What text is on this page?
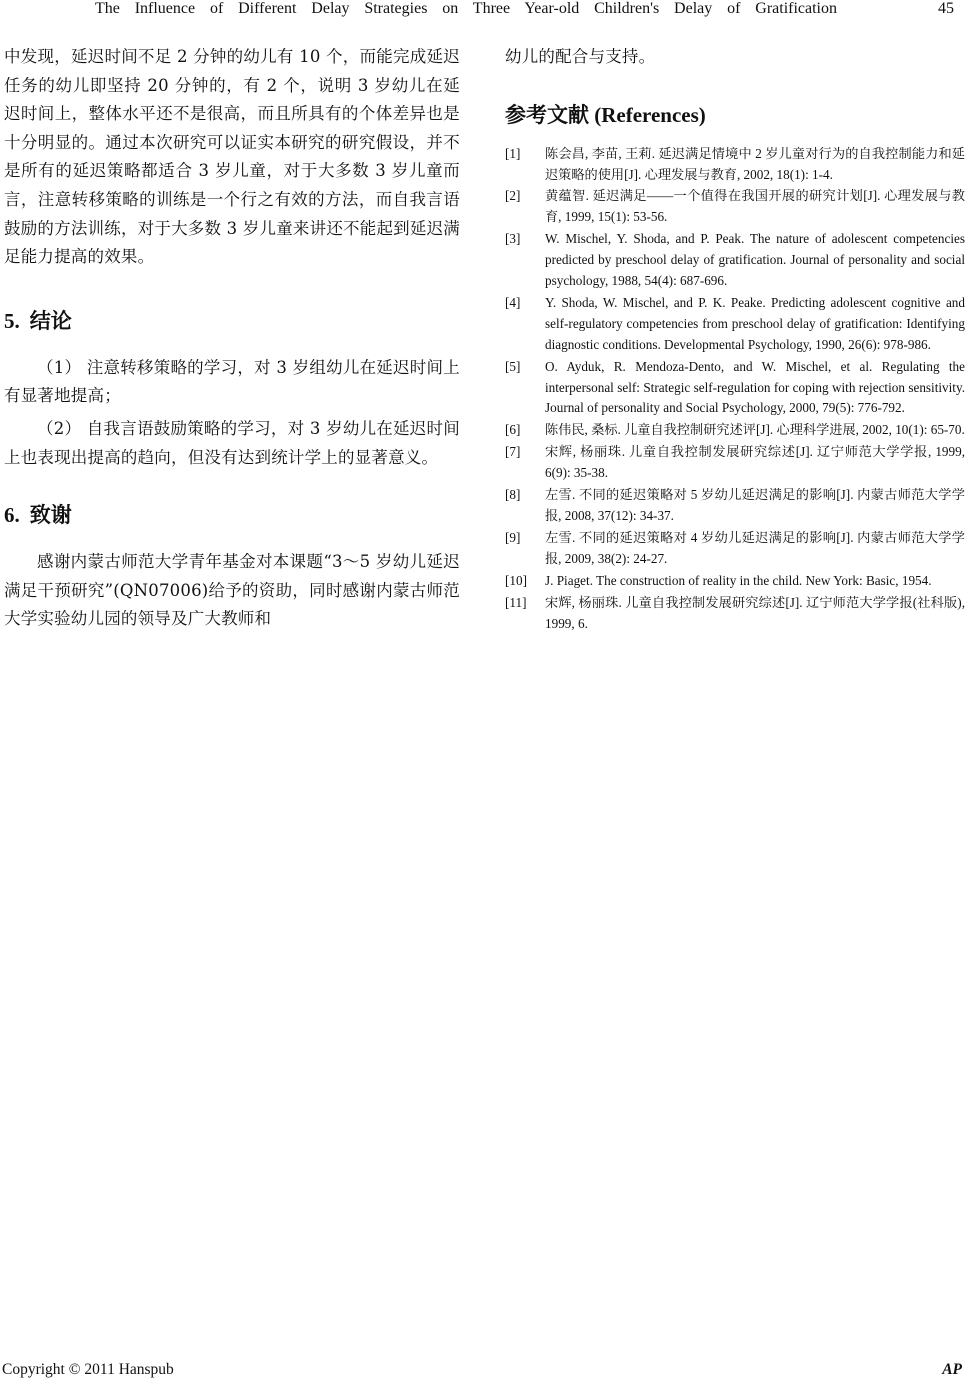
The Influence of Different Delay Strategies on Three Year-old Children's Delay of Gratification	45

中发现，延迟时间不足 2 分钟的幼儿有 10 个，而能完成延迟任务的幼儿即坚持 20 分钟的，有 2 个，说明 3 岁幼儿在延迟时间上，整体水平还不是很高，而且所具有的个体差异也是十分明显的。通过本次研究可以证实本研究的研究假设，并不是所有的延迟策略都适合 3 岁儿童，对于大多数 3 岁儿童而言，注意转移策略的训练是一个行之有效的方法，而自我言语鼓励的方法训练，对于大多数 3 岁儿童来讲还不能起到延迟满足能力提高的效果。

5. 结论

（1） 注意转移策略的学习，对 3 岁组幼儿在延迟时间上有显著地提高；

（2） 自我言语鼓励策略的学习，对 3 岁幼儿在延迟时间上也表现出提高的趋向，但没有达到统计学上的显著意义。

6. 致谢

感谢内蒙古师范大学青年基金对本课题“3～5 岁幼儿延迟满足干预研究”(QN07006)给予的资助，同时感谢内蒙古师范大学实验幼儿园的领导及广大教师和

幼儿的配合与支持。

参考文献 (References)
[1]	陈会昌, 李苗, 王莉. 延迟满足情境中 2 岁儿童对行为的自我控制能力和延迟策略的使用[J]. 心理发展与教育, 2002, 18(1): 1-4.
[2]	黄蕴智. 延迟满足——一个值得在我国开展的研究计划[J]. 心理发展与教育, 1999, 15(1): 53-56.
[3]	W. Mischel, Y. Shoda, and P. Peak. The nature of adolescent competencies predicted by preschool delay of gratification. Journal of personality and social psychology, 1988, 54(4): 687-696.
[4]	Y. Shoda, W. Mischel, and P. K. Peake. Predicting adolescent cognitive and self-regulatory competencies from preschool delay of gratification: Identifying diagnostic conditions. Developmental Psychology, 1990, 26(6): 978-986.
[5]	O. Ayduk, R. Mendoza-Dento, and W. Mischel, et al. Regulating the interpersonal self: Strategic self-regulation for coping with rejection sensitivity. Journal of personality and Social Psychology, 2000, 79(5): 776-792.
[6]	陈伟民, 桑标. 儿童自我控制研究述评[J]. 心理科学进展, 2002, 10(1): 65-70.
[7]	宋辉, 杨丽珠. 儿童自我控制发展研究综述[J]. 辽宁师范大学学报, 1999, 6(9): 35-38.
[8]	左雪. 不同的延迟策略对 5 岁幼儿延迟满足的影响[J]. 内蒙古师范大学学报, 2008, 37(12): 34-37.
[9]	左雪. 不同的延迟策略对 4 岁幼儿延迟满足的影响[J]. 内蒙古师范大学学报, 2009, 38(2): 24-27.
[10]	J. Piaget. The construction of reality in the child. New York: Basic, 1954.
[11]	宋辉, 杨丽珠. 儿童自我控制发展研究综述[J]. 辽宁师范大学学报(社科版), 1999, 6.
Copyright © 2011 Hanspub	AP
